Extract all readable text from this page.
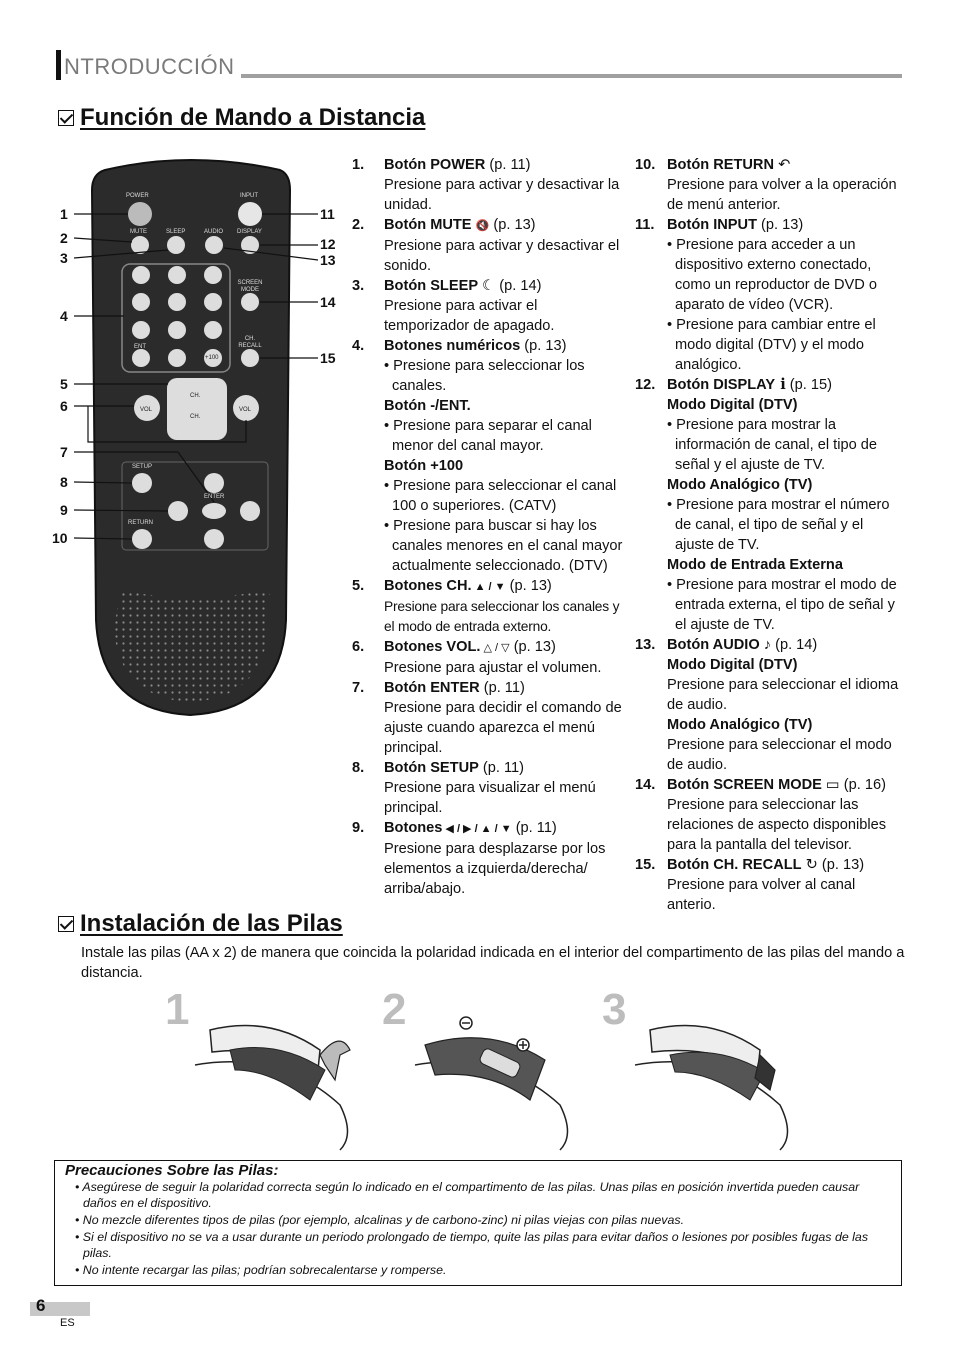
NTRODUCCIÓN
Función de Mando a Distancia
1
2
3
4
5
6
7
8
9
10
11
12
13
14
15
POWER	INPUT
MUTE	SLEEP	AUDIO DISPLAY
SCREEN MODE
ENT
+100
CH. RECALL
CH.
CH.
VOL	VOL
SETUP
ENTER
RETURN
1.	Botón POWER (p. 11)
Presione para activar y desactivar la unidad.
2.	Botón MUTE 🔇 (p. 13)
Presione para activar y desactivar el sonido.
3.	Botón SLEEP ☾ (p. 14)
Presione para activar el temporizador de apagado.
4.	Botones numéricos (p. 13)
• Presione para seleccionar los canales.
Botón -/ENT.
• Presione para separar el canal menor del canal mayor.
Botón +100
• Presione para seleccionar el canal 100 o superiores. (CATV)
• Presione para buscar si hay los canales menores en el canal mayor actualmente seleccionado. (DTV)
5.	Botones CH. ▲ / ▼ (p. 13)
Presione para seleccionar los canales y el modo de entrada externo.
6.	Botones VOL. △ / ▽ (p. 13)
Presione para ajustar el volumen.
7.	Botón ENTER (p. 11)
Presione para decidir el comando de ajuste cuando aparezca el menú principal.
8.	Botón SETUP (p. 11)
Presione para visualizar el menú principal.
9.	Botones ◀ / ▶ / ▲ / ▼ (p. 11)
Presione para desplazarse por los elementos a izquierda/derecha/ arriba/abajo.
10. Botón RETURN ↶
Presione para volver a la operación de menú anterior.
11. Botón INPUT (p. 13)
• Presione para acceder a un dispositivo externo conectado, como un reproductor de DVD o aparato de vídeo (VCR).
• Presione para cambiar entre el modo digital (DTV) y el modo analógico.
12. Botón DISPLAY i (p. 15)
Modo Digital (DTV)
• Presione para mostrar la información de canal, el tipo de señal y el ajuste de TV.
Modo Analógico (TV)
• Presione para mostrar el número de canal, el tipo de señal y el ajuste de TV.
Modo de Entrada Externa
• Presione para mostrar el modo de entrada externa, el tipo de señal y el ajuste de TV.
13. Botón AUDIO ♪ (p. 14)
Modo Digital (DTV)
Presione para seleccionar el idioma de audio.
Modo Analógico (TV)
Presione para seleccionar el modo de audio.
14. Botón SCREEN MODE ▭ (p. 16)
Presione para seleccionar las relaciones de aspecto disponibles para la pantalla del televisor.
15. Botón CH. RECALL ↻ (p. 13)
Presione para volver al canal anterio.
Instalación de las Pilas
Instale las pilas (AA x 2) de manera que coincida la polaridad indicada en el interior del compartimento de las pilas del mando a distancia.
1	2	3
Precauciones Sobre las Pilas:
• Asegúrese de seguir la polaridad correcta según lo indicado en el compartimento de las pilas. Unas pilas en posición invertida pueden causar daños en el dispositivo.
• No mezcle diferentes tipos de pilas (por ejemplo, alcalinas y de carbono-zinc) ni pilas viejas con pilas nuevas.
• Si el dispositivo no se va a usar durante un periodo prolongado de tiempo, quite las pilas para evitar daños o lesiones por posibles fugas de las pilas.
• No intente recargar las pilas; podrían sobrecalentarse y romperse.
6
ES
